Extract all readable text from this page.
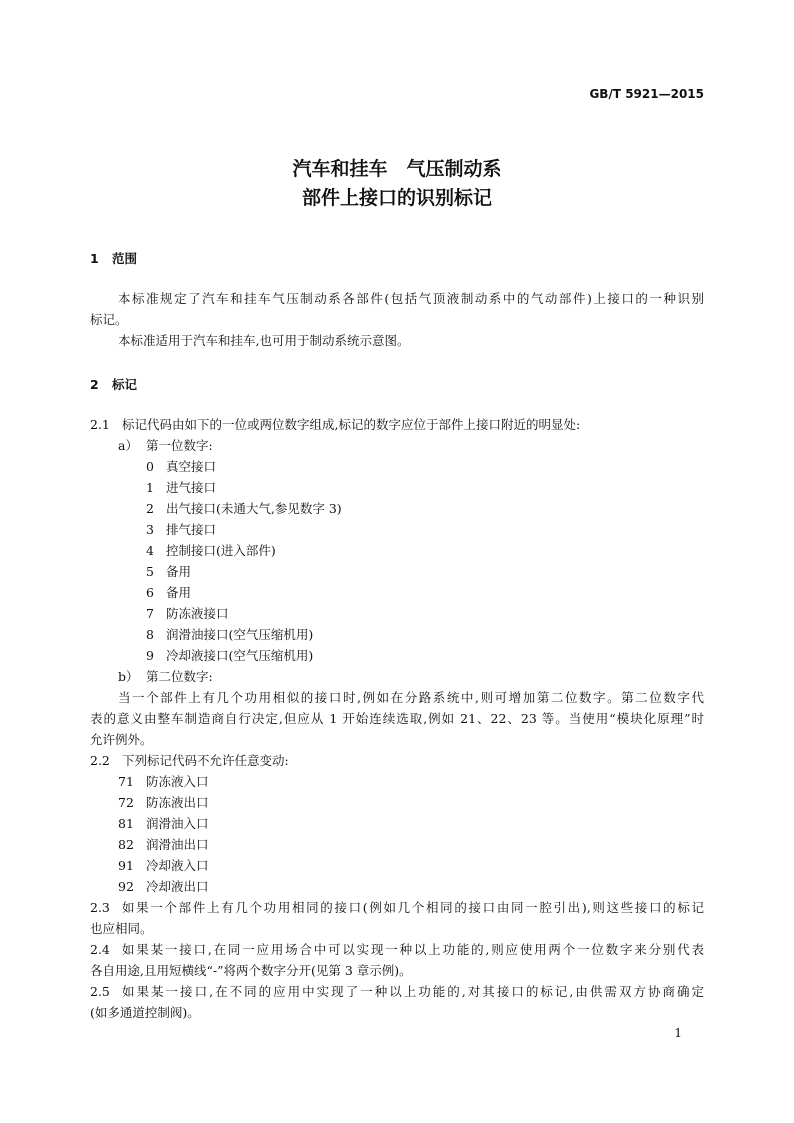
GB/T 5921—2015
汽车和挂车　气压制动系
部件上接口的识别标记
1 范围
本标准规定了汽车和挂车气压制动系各部件(包括气顶液制动系中的气动部件)上接口的一种识别
标记。
本标准适用于汽车和挂车,也可用于制动系统示意图。
2 标记
2.1 标记代码由如下的一位或两位数字组成,标记的数字应位于部件上接口附近的明显处:
a） 第一位数字:
0 真空接口
1 进气接口
2 出气接口(未通大气,参见数字 3)
3 排气接口
4 控制接口(进入部件)
5 备用
6 备用
7 防冻液接口
8 润滑油接口(空气压缩机用)
9 冷却液接口(空气压缩机用)
b） 第二位数字:
当一个部件上有几个功用相似的接口时,例如在分路系统中,则可增加第二位数字。第二位数字代
表的意义由整车制造商自行决定,但应从 1 开始连续选取,例如 21、22、23 等。当使用“模块化原理”时
允许例外。
2.2 下列标记代码不允许任意变动:
71 防冻液入口
72 防冻液出口
81 润滑油入口
82 润滑油出口
91 冷却液入口
92 冷却液出口
2.3 如果一个部件上有几个功用相同的接口(例如几个相同的接口由同一腔引出),则这些接口的标记
也应相同。
2.4 如果某一接口,在同一应用场合中可以实现一种以上功能的,则应使用两个一位数字来分别代表
各自用途,且用短横线“-”将两个数字分开(见第 3 章示例)。
2.5 如果某一接口,在不同的应用中实现了一种以上功能的,对其接口的标记,由供需双方协商确定
(如多通道控制阀)。
1
